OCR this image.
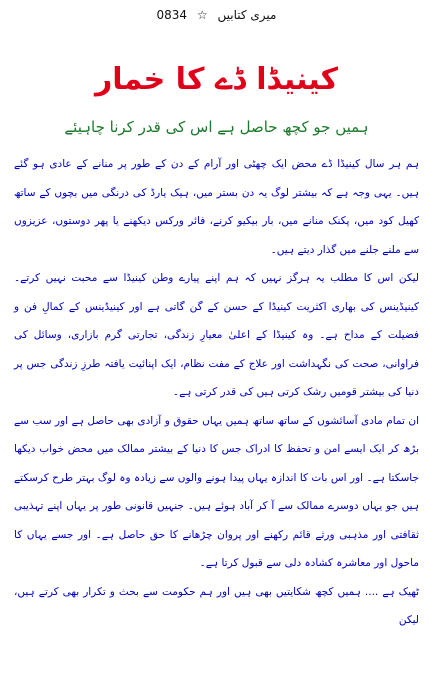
میری کتابیں ☆ 0834
کینیڈا ڈے کا خمار
ہمیں جو کچھ حاصل ہے اس کی قدر کرنا چاہیئے

ہم ہر سال کینیڈا ڈے محض ایک چھٹی اور آرام کے دن کے طور پر منانے کے عادی ہو گئے ہیں۔ یہی وجہ ہے کہ بیشتر لوگ یہ دن بستر میں، ہیک یارڈ کی درنگی میں بچوں کے ساتھ کھیل کود میں، پکنک منانے میں، بار بیکیو کرنے، فائر ورکس دیکھنے یا پھر دوستوں، عزیزوں سے ملنے جلنے میں گذار دیتے ہیں۔

لیکن اس کا مطلب یہ ہرگز نہیں کہ ہم اپنے پیارے وطن کینیڈا سے محبت نہیں کرتے۔ کینیڈینس کی بھاری اکثریت کینیڈا کے حسن کے گن گاتی ہے اور کینیڈینس کے کمالِ فن و فضیلت کے مداح ہے۔ وہ کینیڈا کے اعلیٰ معیارِ زندگی، تجارتی گرم بازاری، وسائل کی فراوانی، صحت کی نگہداشت اور علاج کے مفت نظام، ایک اپنائیت یافتہ طرزِ زندگی جس پر دنیا کی بیشتر قومیں رشک کرتی ہیں کی قدر کرتی ہے۔

ان تمام مادی آسائشوں کے ساتھ ساتھ ہمیں یہاں حقوق و آزادی بھی حاصل ہے اور سب سے بڑھ کر ایک ایسے امن و تحفظ کا ادراک جس کا دنیا کے بیشتر ممالک میں محض خواب دیکھا جاسکتا ہے۔ اور اس بات کا اندازہ یہاں پیدا ہونے والوں سے زیادہ وہ لوگ بہتر طرح کرسکتے ہیں جو یہاں دوسرے ممالک سے آ کر آباد ہوئے ہیں۔ جنہیں قانونی طور پر یہاں اپنے تہذیبی ثقافتی اور مذہبی ورثے قائم رکھنے اور پروان چڑھانے کا حق حاصل ہے۔ اور جسے یہاں کا ماحول اور معاشرہ کشادہ دلی سے قبول کرتا ہے۔

ٹھیک ہے .... ہمیں کچھ شکایتیں بھی ہیں اور ہم حکومت سے بحث و تکرار بھی کرتے ہیں، لیکن
